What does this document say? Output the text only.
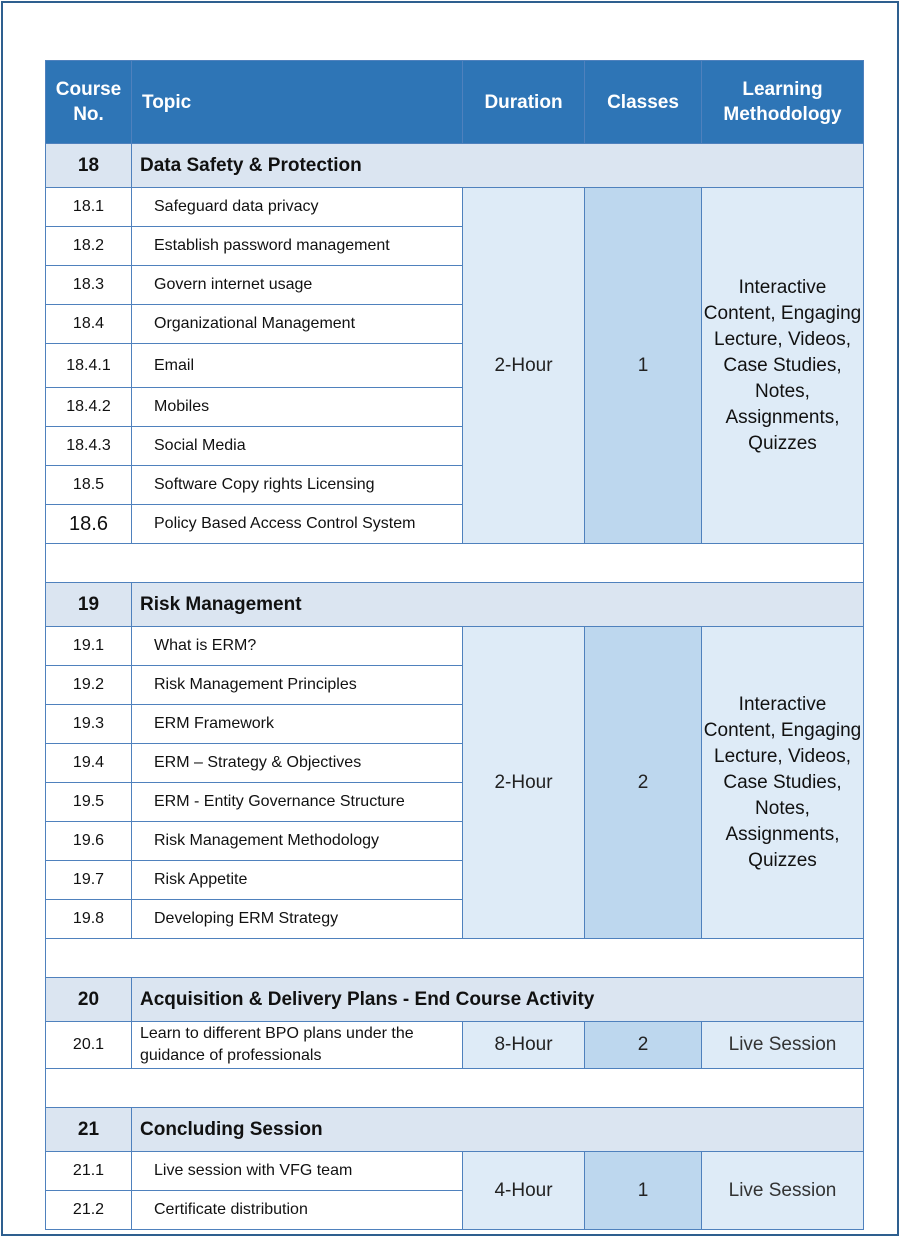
Course No.	Topic	Duration	Classes	Learning Methodology
18	Data Safety & Protection			
18.1	Safeguard data privacy	2-Hour	1	Interactive Content, Engaging Lecture, Videos, Case Studies, Notes, Assignments, Quizzes
18.2	Establish password management			
18.3	Govern internet usage			
18.4	Organizational Management			
18.4.1	Email			
18.4.2	Mobiles			
18.4.3	Social Media			
18.5	Software Copy rights Licensing			
18.6	Policy Based Access Control System			

19	Risk Management			
19.1	What is ERM?	2-Hour	2	Interactive Content, Engaging Lecture, Videos, Case Studies, Notes, Assignments, Quizzes
19.2	Risk Management Principles			
19.3	ERM Framework			
19.4	ERM – Strategy & Objectives			
19.5	ERM - Entity Governance Structure			
19.6	Risk Management Methodology			
19.7	Risk Appetite			
19.8	Developing ERM Strategy			

20	Acquisition & Delivery Plans - End Course Activity			
20.1	Learn to different BPO plans under the guidance of professionals	8-Hour	2	Live Session

21	Concluding Session			
21.1	Live session with VFG team	4-Hour	1	Live Session
21.2	Certificate distribution			
